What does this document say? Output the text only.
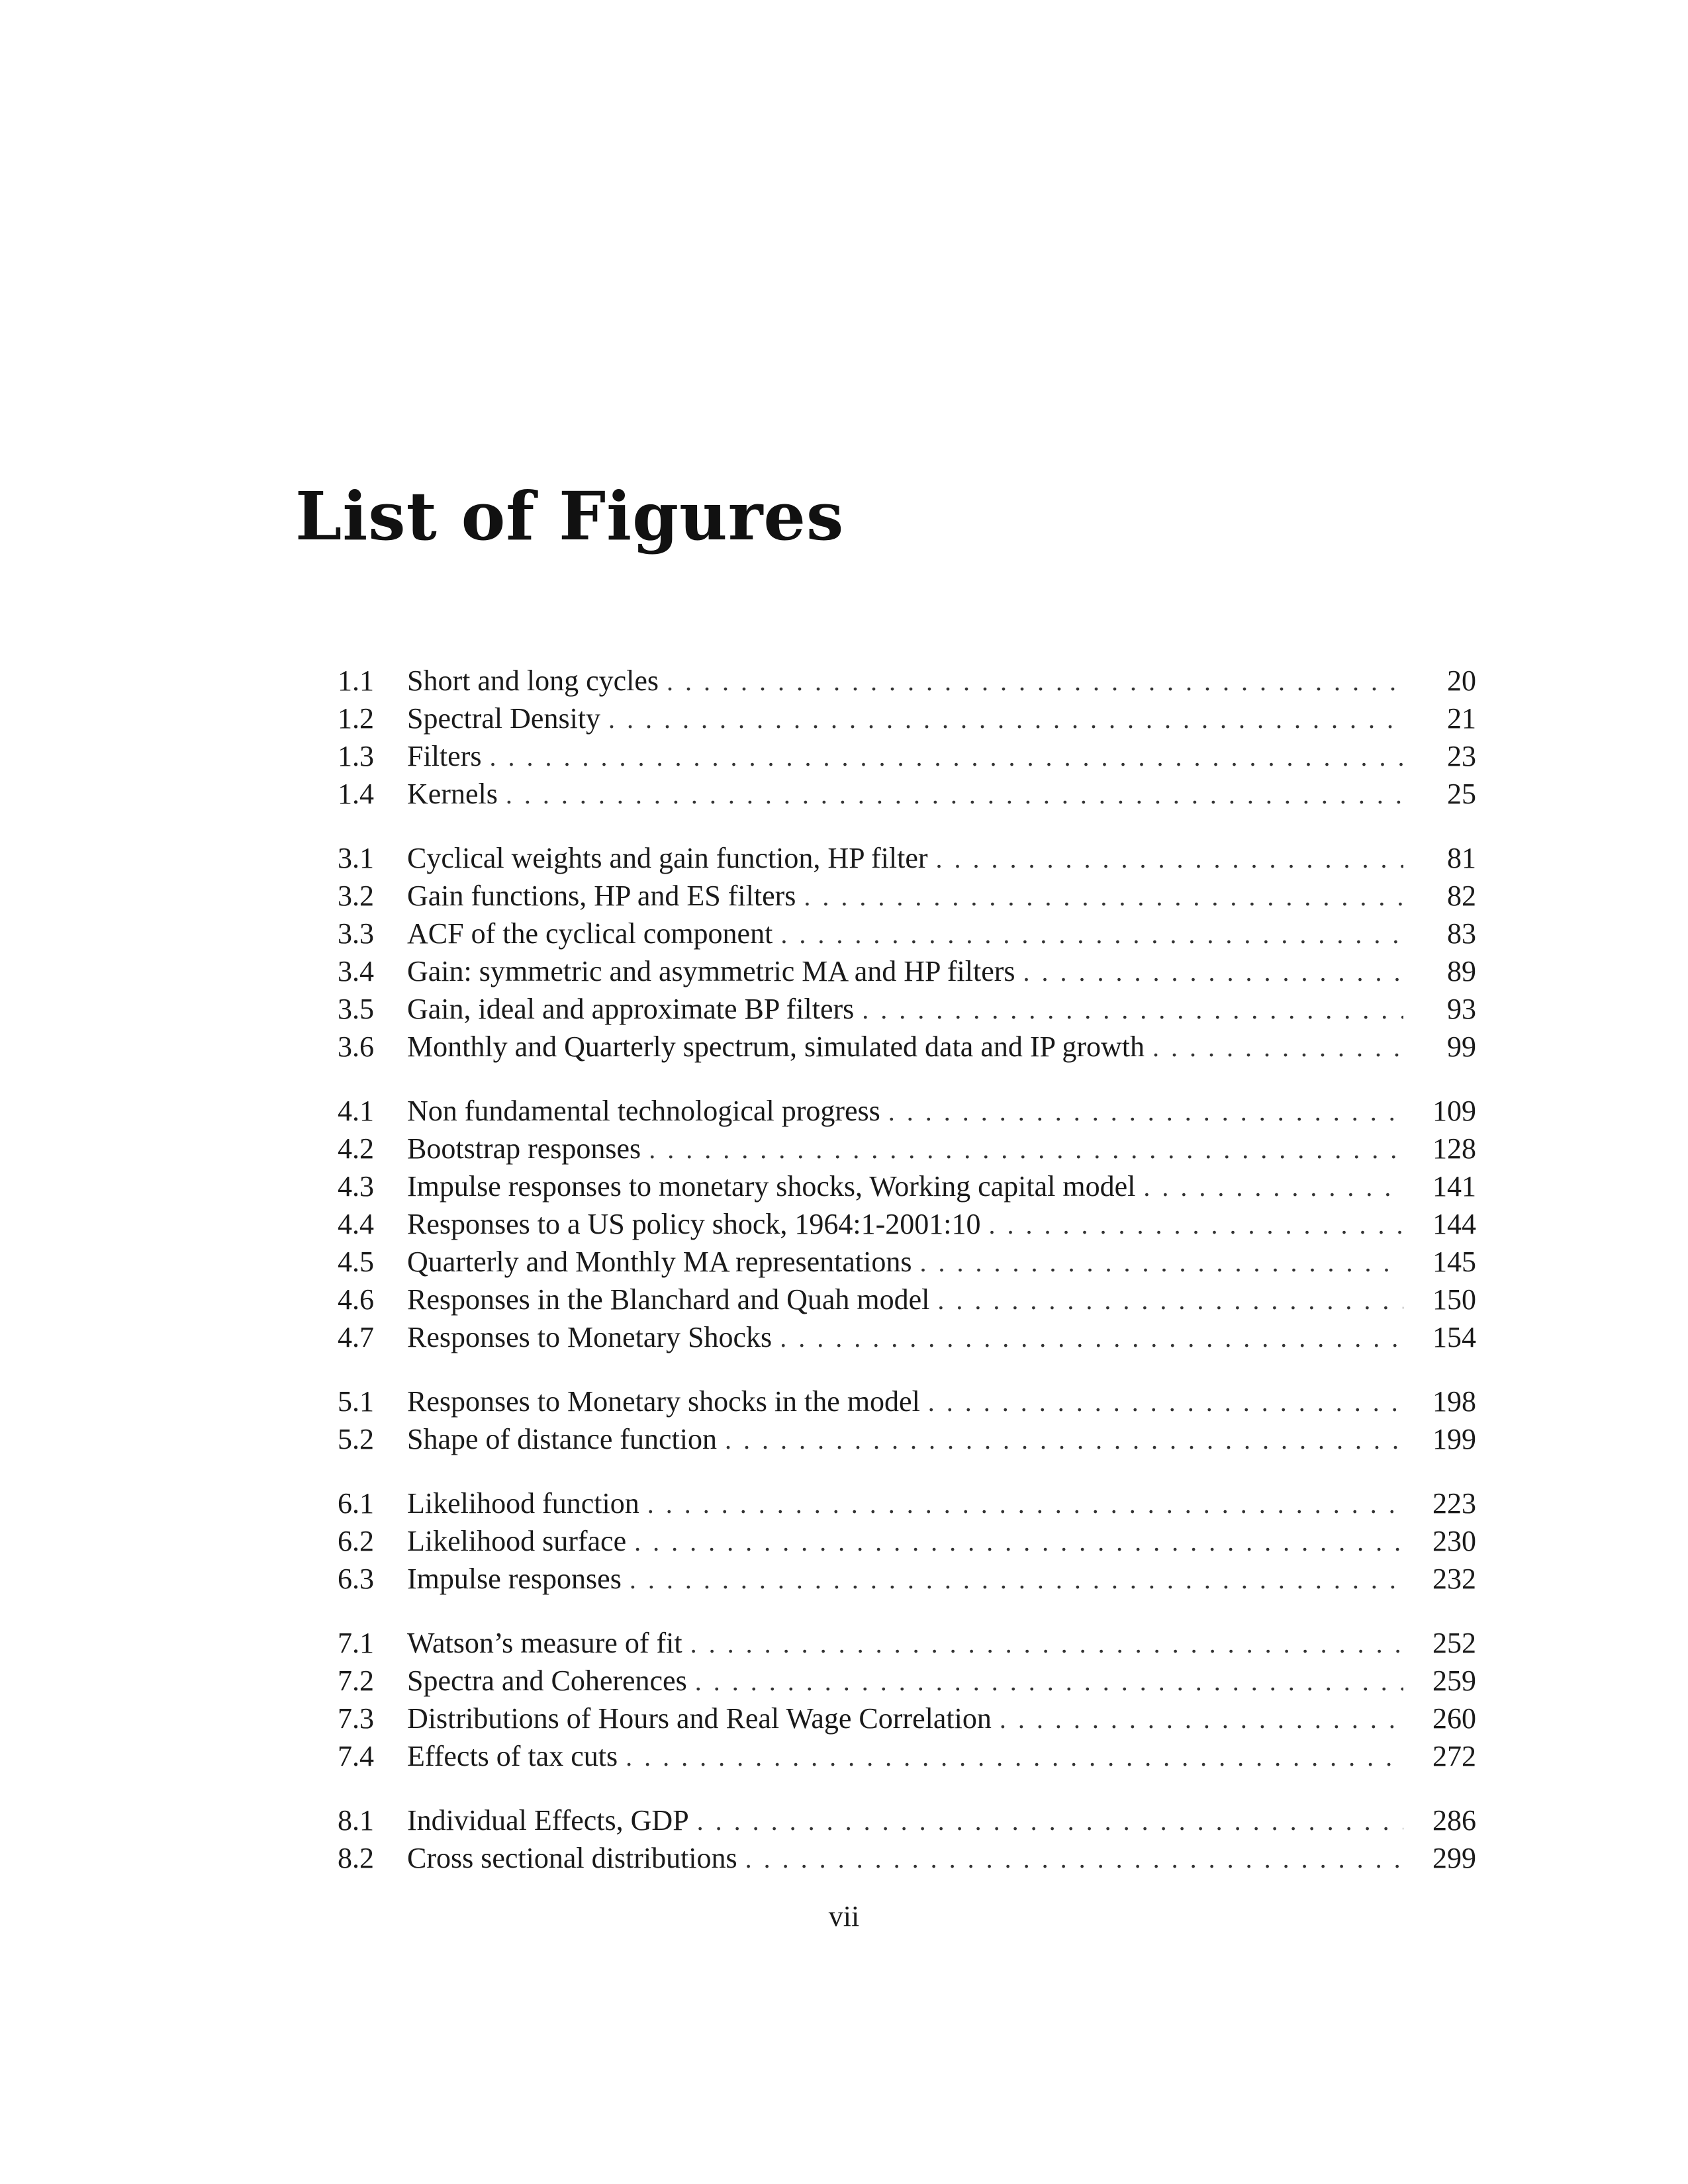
List of Figures
1.1	Short and long cycles . . .	20
1.2	Spectral Density . . .	21
1.3	Filters . . .	23
1.4	Kernels . . .	25
3.1	Cyclical weights and gain function, HP filter . . .	81
3.2	Gain functions, HP and ES filters . . .	82
3.3	ACF of the cyclical component . . .	83
3.4	Gain: symmetric and asymmetric MA and HP filters . . .	89
3.5	Gain, ideal and approximate BP filters . . .	93
3.6	Monthly and Quarterly spectrum, simulated data and IP growth . . .	99
4.1	Non fundamental technological progress . . .	109
4.2	Bootstrap responses . . .	128
4.3	Impulse responses to monetary shocks, Working capital model . . .	141
4.4	Responses to a US policy shock, 1964:1-2001:10 . . .	144
4.5	Quarterly and Monthly MA representations . . .	145
4.6	Responses in the Blanchard and Quah model . . .	150
4.7	Responses to Monetary Shocks . . .	154
5.1	Responses to Monetary shocks in the model . . .	198
5.2	Shape of distance function . . .	199
6.1	Likelihood function . . .	223
6.2	Likelihood surface . . .	230
6.3	Impulse responses . . .	232
7.1	Watson’s measure of fit . . .	252
7.2	Spectra and Coherences . . .	259
7.3	Distributions of Hours and Real Wage Correlation . . .	260
7.4	Effects of tax cuts . . .	272
8.1	Individual Effects, GDP . . .	286
8.2	Cross sectional distributions . . .	299
vii
